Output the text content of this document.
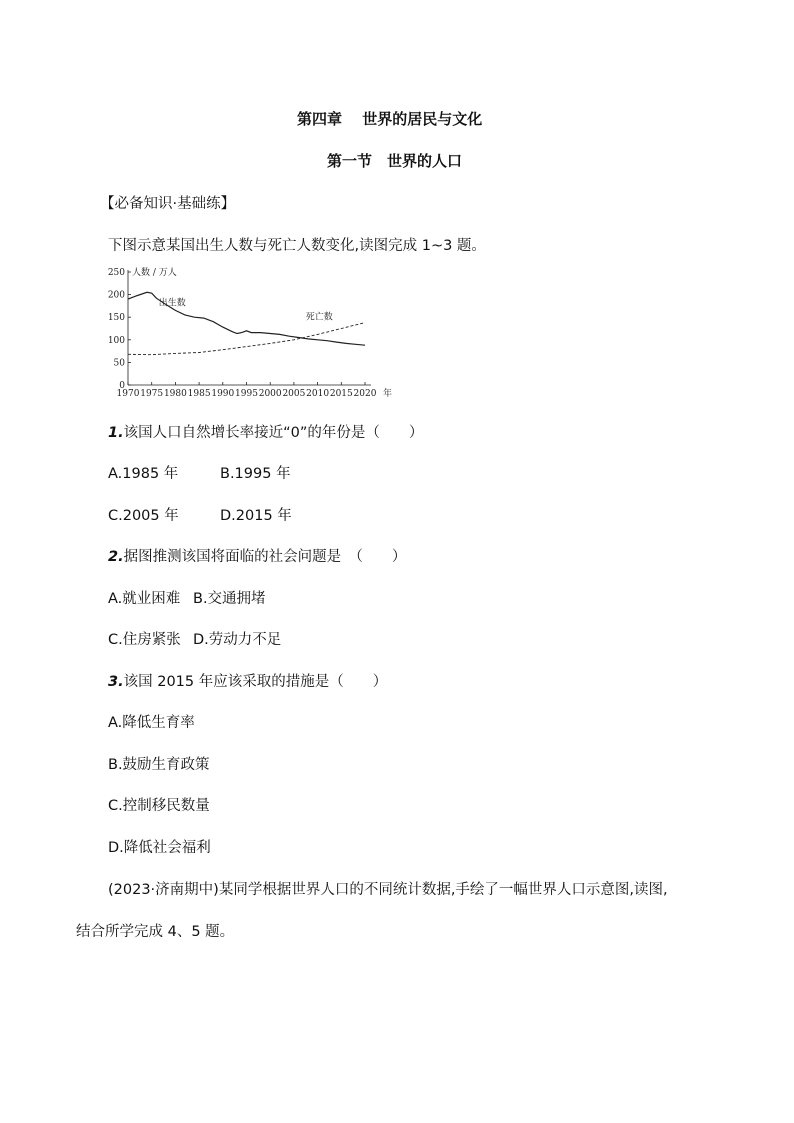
第四章　 世界的居民与文化
第一节　世界的人口
【必备知识·基础练】
下图示意某国出生人数与死亡人数变化,读图完成 1~3 题。
0
50
100
150
200
250
1970 1975 1980 1985 1990 1995 2000 2005 2010 2015 2020
人数 / 万人
年
出生数
死亡数
1.该国人口自然增长率接近“0”的年份是（　　）
A.1985 年	B.1995 年
C.2005 年	D.2015 年
2.据图推测该国将面临的社会问题是　（　　）
A.就业困难 B.交通拥堵
C.住房紧张 D.劳动力不足
3.该国 2015 年应该采取的措施是（　　）
A.降低生育率
B.鼓励生育政策
C.控制移民数量
D.降低社会福利
(2023·济南期中)某同学根据世界人口的不同统计数据,手绘了一幅世界人口示意图,读图,
结合所学完成 4、5 题。
